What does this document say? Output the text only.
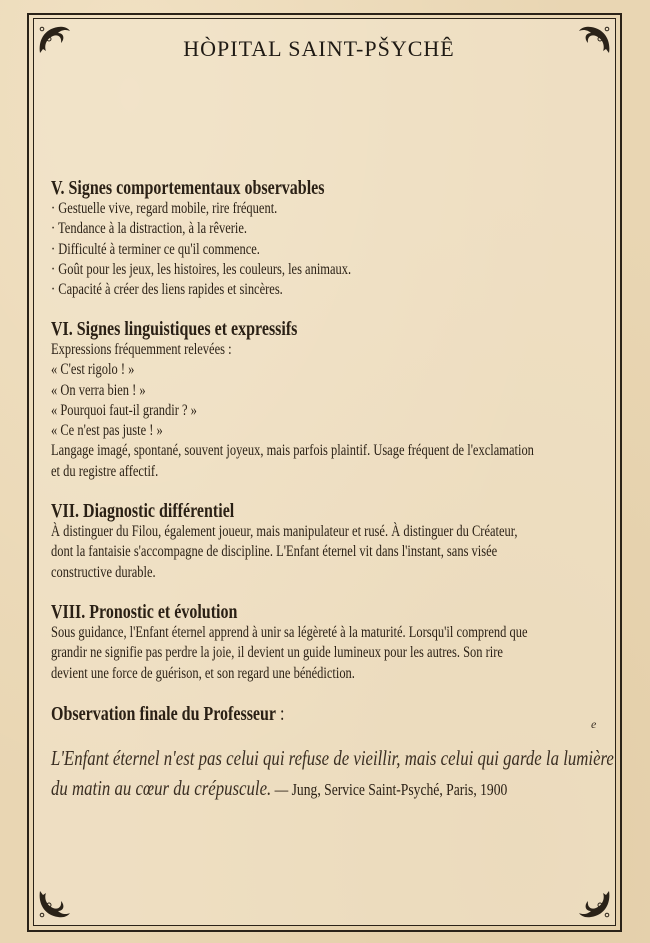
HÒPITAL SAINT-PŠYCHÊ
V. Signes comportementaux observables
· Gestuelle vive, regard mobile, rire fréquent.
· Tendance à la distraction, à la rêverie.
· Difficulté à terminer ce qu'il commence.
· Goût pour les jeux, les histoires, les couleurs, les animaux.
· Capacité à créer des liens rapides et sincères.
VI. Signes linguistiques et expressifs
Expressions fréquemment relevées :
« C'est rigolo ! »
« On verra bien ! »
« Pourquoi faut-il grandir ? »
« Ce n'est pas juste ! »
Langage imagé, spontané, souvent joyeux, mais parfois plaintif. Usage fréquent de l'exclamation
et du registre affectif.
VII. Diagnostic différentiel
À distinguer du Filou, également joueur, mais manipulateur et rusé. À distinguer du Créateur,
dont la fantaisie s'accompagne de discipline. L'Enfant éternel vit dans l'instant, sans visée
constructive durable.
VIII. Pronostic et évolution
Sous guidance, l'Enfant éternel apprend à unir sa légèreté à la maturité. Lorsqu'il comprend que
grandir ne signifie pas perdre la joie, il devient un guide lumineux pour les autres. Son rire
devient une force de guérison, et son regard une bénédiction.
Observation finale du Professeur :
L'Enfant éternel n'est pas celui qui refuse de vieillir, mais celui qui garde la lumière
du matin au cœur du crépuscule. — Jung, Service Saint-Psyché, Paris, 1900
e
